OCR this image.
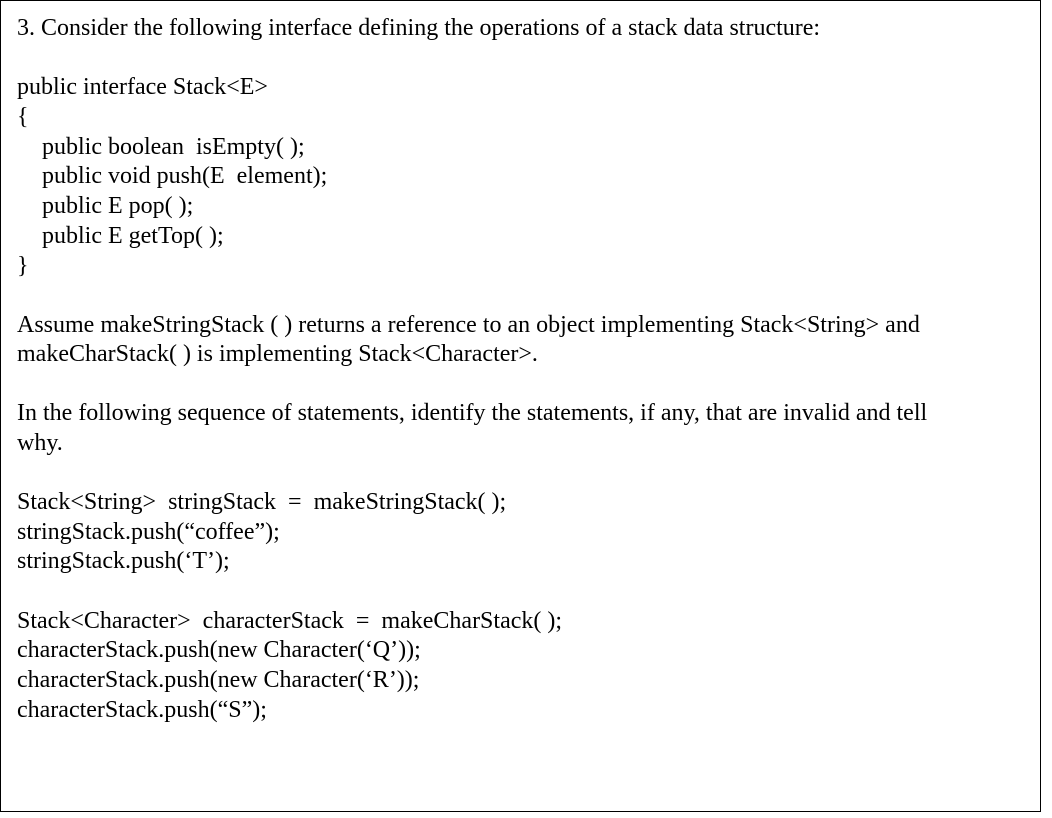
3. Consider the following interface defining the operations of a stack data structure:
public interface Stack<E>
{
public boolean  isEmpty( );
public void push(E  element);
public E pop( );
public E getTop( );
}
Assume makeStringStack ( ) returns a reference to an object implementing Stack<String> and
makeCharStack( ) is implementing Stack<Character>.
In the following sequence of statements, identify the statements, if any, that are invalid and tell
why.
Stack<String>  stringStack  =  makeStringStack( );
stringStack.push(“coffee”);
stringStack.push(‘T’);
Stack<Character>  characterStack  =  makeCharStack( );
characterStack.push(new Character(‘Q’));
characterStack.push(new Character(‘R’));
characterStack.push(“S”);
